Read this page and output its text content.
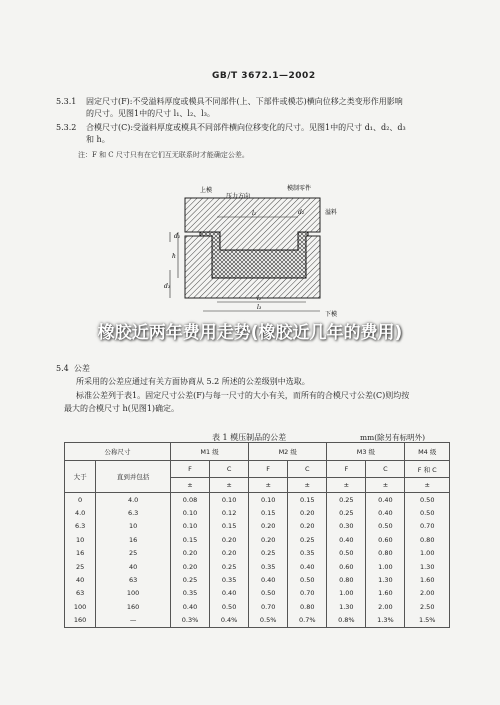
GB/T 3672.1—2002
5.3.1 固定尺寸(F):不受溢料厚度或模具不同部件(上、下部件或模芯)横向位移之类变形作用影响
的尺寸。见图1中的尺寸 l₁、l₂、l₃。
5.3.2 合模尺寸(C):受溢料厚度或模具不同部件横向位移变化的尺寸。见图1中的尺寸 d₁、d₂、d₃
和 h。
注：F 和 C 尺寸只有在它们互无联系时才能确定公差。
上模
压力方向
模制零件
溢料
下模
l₁
l₂
l₃
d₁
d₂
d₃
h
橡胶近两年费用走势(橡胶近几年的费用)
5.4 公差
所采用的公差应通过有关方面协商从 5.2 所述的公差级别中选取。
标准公差列于表1。固定尺寸公差(F)与每一尺寸的大小有关，而所有的合模尺寸公差(C)则均按
最大的合模尺寸 h(见图1)确定。
表 1 模压制品的公差	mm(除另有标明外)
公称尺寸		M1 级		M2 级		M3 级		M4 级
大于	直到并包括	F	C	F	C	F	C	F 和 C
		±	±	±	±	±	±	±
0	4.0	0.08	0.10	0.10	0.15	0.25	0.40	0.50
4.0	6.3	0.10	0.12	0.15	0.20	0.25	0.40	0.50
6.3	10	0.10	0.15	0.20	0.20	0.30	0.50	0.70
10	16	0.15	0.20	0.20	0.25	0.40	0.60	0.80
16	25	0.20	0.20	0.25	0.35	0.50	0.80	1.00
25	40	0.20	0.25	0.35	0.40	0.60	1.00	1.30
40	63	0.25	0.35	0.40	0.50	0.80	1.30	1.60
63	100	0.35	0.40	0.50	0.70	1.00	1.60	2.00
100	160	0.40	0.50	0.70	0.80	1.30	2.00	2.50
160	—	0.3%	0.4%	0.5%	0.7%	0.8%	1.3%	1.5%
